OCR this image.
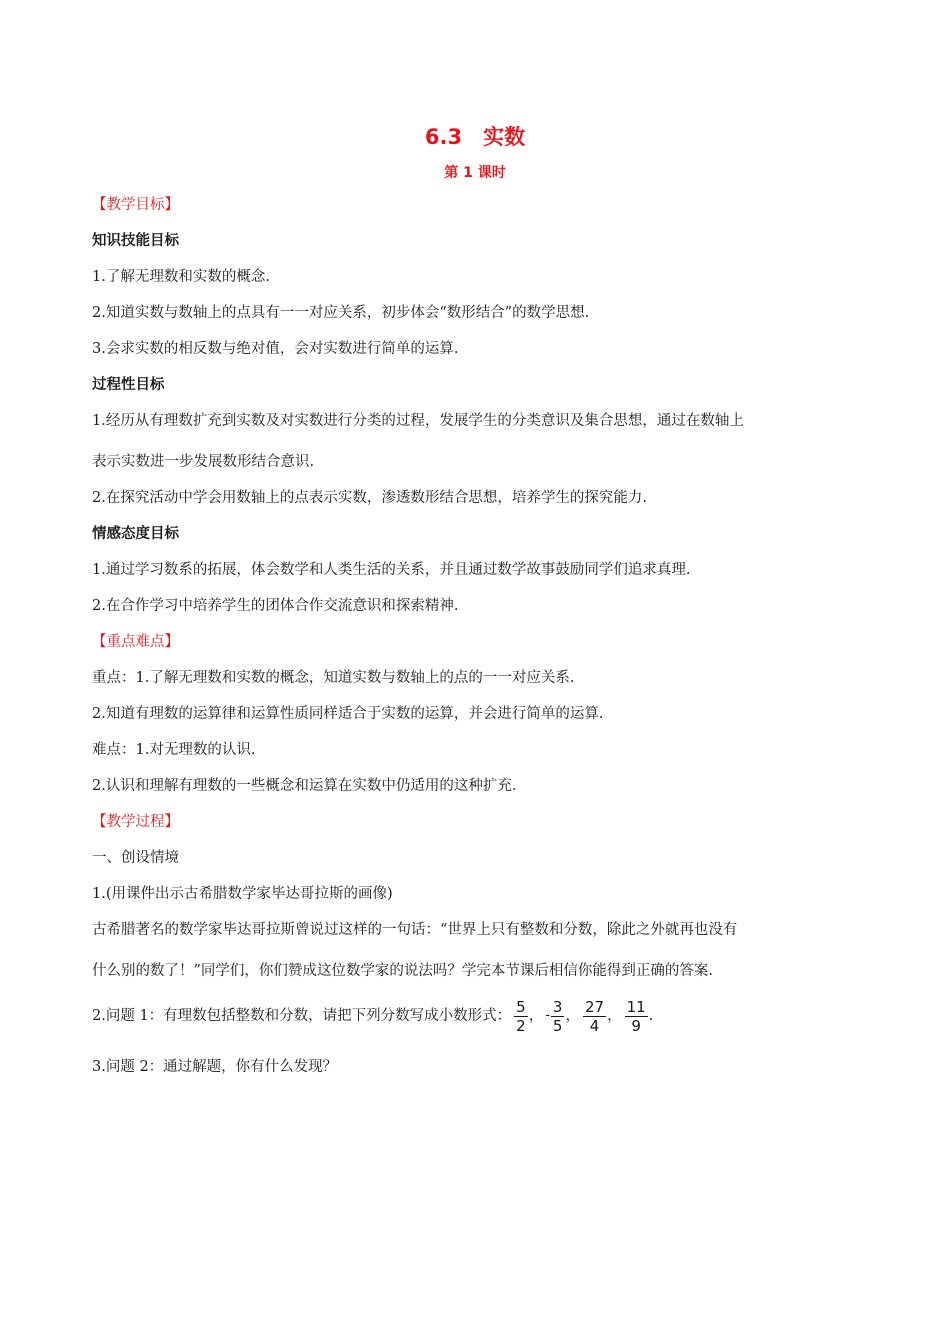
6.3　实数
第 1 课时
【教学目标】
知识技能目标
1.了解无理数和实数的概念.
2.知道实数与数轴上的点具有一一对应关系，初步体会“数形结合”的数学思想.
3.会求实数的相反数与绝对值，会对实数进行简单的运算.
过程性目标
1.经历从有理数扩充到实数及对实数进行分类的过程，发展学生的分类意识及集合思想，通过在数轴上
表示实数进一步发展数形结合意识.
2.在探究活动中学会用数轴上的点表示实数，渗透数形结合思想，培养学生的探究能力.
情感态度目标
1.通过学习数系的拓展，体会数学和人类生活的关系，并且通过数学故事鼓励同学们追求真理.
2.在合作学习中培养学生的团体合作交流意识和探索精神.
【重点难点】
重点：1.了解无理数和实数的概念，知道实数与数轴上的点的一一对应关系.
2.知道有理数的运算律和运算性质同样适合于实数的运算，并会进行简单的运算.
难点：1.对无理数的认识.
2.认识和理解有理数的一些概念和运算在实数中仍适用的这种扩充.
【教学过程】
一、创设情境
1.(用课件出示古希腊数学家毕达哥拉斯的画像)
古希腊著名的数学家毕达哥拉斯曾说过这样的一句话：“世界上只有整数和分数，除此之外就再也没有
什么别的数了！”同学们，你们赞成这位数学家的说法吗？学完本节课后相信你能得到正确的答案.
2.问题 1：有理数包括整数和分数，请把下列分数写成小数形式： $\frac{5}{2}$ ， - $\frac{3}{5}$ ， $\frac{27}{4}$ ， $\frac{11}{9}$ .
3.问题 2：通过解题，你有什么发现？
